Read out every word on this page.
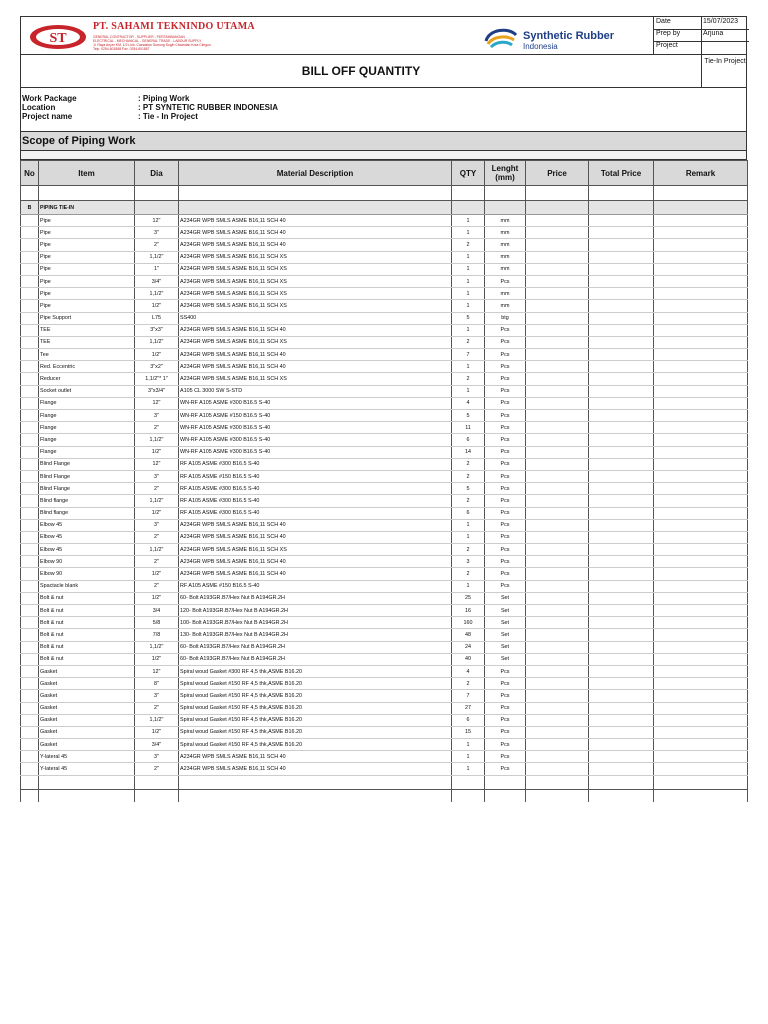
ST
PT. SAHAMI TEKNINDO UTAMA
GENERAL CONTRACTOR - SUPPLIER - PERTAMBANGAN
ELECTRICAL - MECHANICAL - GENERAL TRADE - LABOUR SUPPLY
Jl. Raya Anyer KM. 1/2 Link. Ciandalan Gunung Sugih Ciwandan Kota Cilegon
Telp. 0254-601888 Fax. 0254-601887
Synthetic Rubber
Indonesia
Date	15/07/2023
Prep by	Arjuna
Project
BILL OFF QUANTITY
Tie-In Project
Work Package	: Piping Work
Location	: PT SYNTETIC RUBBER INDONESIA
Project name	: Tie - In Project
Scope of Piping Work
No	Item	Dia	Material Description	QTY	Lenght (mm)	Price	Total Price	Remark

B	PIPING TIE-IN							
	Pipe	12"	A234GR WPB SMLS ASME B16,11 SCH 40	1	mm			
	Pipe	3"	A234GR WPB SMLS ASME B16,11 SCH 40	1	mm			
	Pipe	2"	A234GR WPB SMLS ASME B16,11 SCH 40	2	mm			
	Pipe	1,1/2"	A234GR WPB SMLS ASME B16,11 SCH XS	1	mm			
	Pipe	1"	A234GR WPB SMLS ASME B16,11 SCH XS	1	mm			
	Pipe	3/4"	A234GR WPB SMLS ASME B16,11 SCH XS	1	Pcs			
	Pipe	1,1/2"	A234GR WPB SMLS ASME B16,11 SCH XS	1	mm			
	Pipe	1/2"	A234GR WPB SMLS ASME B16,11 SCH XS	1	mm			
	Pipe Support	L75	SS400	5	btg			
	TEE	3"x3"	A234GR WPB SMLS ASME B16,11 SCH 40	1	Pcs			
	TEE	1,1/2"	A234GR WPB SMLS ASME B16,11 SCH XS	2	Pcs			
	Tee	1/2"	A234GR WPB SMLS ASME B16,11 SCH 40	7	Pcs			
	Red. Eccentric	3"x2"	A234GR WPB SMLS ASME B16,11 SCH 40	1	Pcs			
	Reducer	1,1/2"* 1"	A234GR WPB SMLS ASME B16,11 SCH XS	2	Pcs			
	Socket outlet	3"x3/4"	A105 CL 3000 SW S-STD	1	Pcs			
	Flange	12"	WN-RF A105 ASME #300 B16.5 S-40	4	Pcs			
	Flange	3"	WN-RF A105 ASME #150 B16.5 S-40	5	Pcs			
	Flange	2"	WN-RF A105 ASME #300 B16.5 S-40	11	Pcs			
	Flange	1,1/2"	WN-RF A105 ASME #300 B16.5 S-40	6	Pcs			
	Flange	1/2"	WN-RF A105 ASME #300 B16.5 S-40	14	Pcs			
	Blind Flange	12"	RF A105 ASME #300 B16.5 S-40	2	Pcs			
	Blind Flange	3"	RF A105 ASME #150 B16.5 S-40	2	Pcs			
	Blind Flange	2"	RF A105 ASME #300 B16.5 S-40	5	Pcs			
	Blind flange	1,1/2"	RF A105 ASME #300 B16.5 S-40	2	Pcs			
	Blind flange	1/2"	RF A105 ASME #300 B16.5 S-40	6	Pcs			
	Elbow 45	3"	A234GR WPB SMLS ASME B16,11 SCH 40	1	Pcs			
	Elbow 45	2"	A234GR WPB SMLS ASME B16,11 SCH 40	1	Pcs			
	Elbow 45	1,1/2"	A234GR WPB SMLS ASME B16,11 SCH XS	2	Pcs			
	Elbow 90	2"	A234GR WPB SMLS ASME B16,11 SCH 40	3	Pcs			
	Elbow 90	1/2"	A234GR WPB SMLS ASME B16,11 SCH 40	2	Pcs			
	Spactacle blank	2"	RF A105 ASME #150 B16.5 S-40	1	Pcs			
	Bolt & nut	1/2"	60- Bolt A193GR.B7/Hex Nut B A194GR.2H	25	Set			
	Bolt & nut	3/4	120- Bolt A193GR.B7/Hex Nut B A194GR.2H	16	Set			
	Bolt & nut	5/8	100- Bolt A193GR.B7/Hex Nut B A194GR.2H	160	Set			
	Bolt & nut	7/8	130- Bolt A193GR.B7/Hex Nut B A194GR.2H	48	Set			
	Bolt & nut	1,1/2"	60- Bolt A193GR.B7/Hex Nut B A194GR.2H	24	Set			
	Bolt & nut	1/2"	60- Bolt A193GR.B7/Hex Nut B A194GR.2H	40	Set			
	Gasket	12"	Spiral woud Gasket #300 RF 4,5 thk,ASME B16.20	4	Pcs			
	Gasket	8"	Spiral woud Gasket #150 RF 4,5 thk,ASME B16.20	2	Pcs			
	Gasket	3"	Spiral woud Gasket #150 RF 4,5 thk,ASME B16.20	7	Pcs			
	Gasket	2"	Spiral woud Gasket #150 RF 4,5 thk,ASME B16.20	27	Pcs			
	Gasket	1,1/2"	Spiral woud Gasket #150 RF 4,5 thk,ASME B16.20	6	Pcs			
	Gasket	1/2"	Spiral woud Gasket #150 RF 4,5 thk,ASME B16.20	15	Pcs			
	Gasket	3/4"	Spiral woud Gasket #150 RF 4,5 thk,ASME B16.20	1	Pcs			
	Y-lateral 45	3"	A234GR WPB SMLS ASME B16,11 SCH 40	1	Pcs			
	Y-lateral 45	2"	A234GR WPB SMLS ASME B16,11 SCH 40	1	Pcs			
